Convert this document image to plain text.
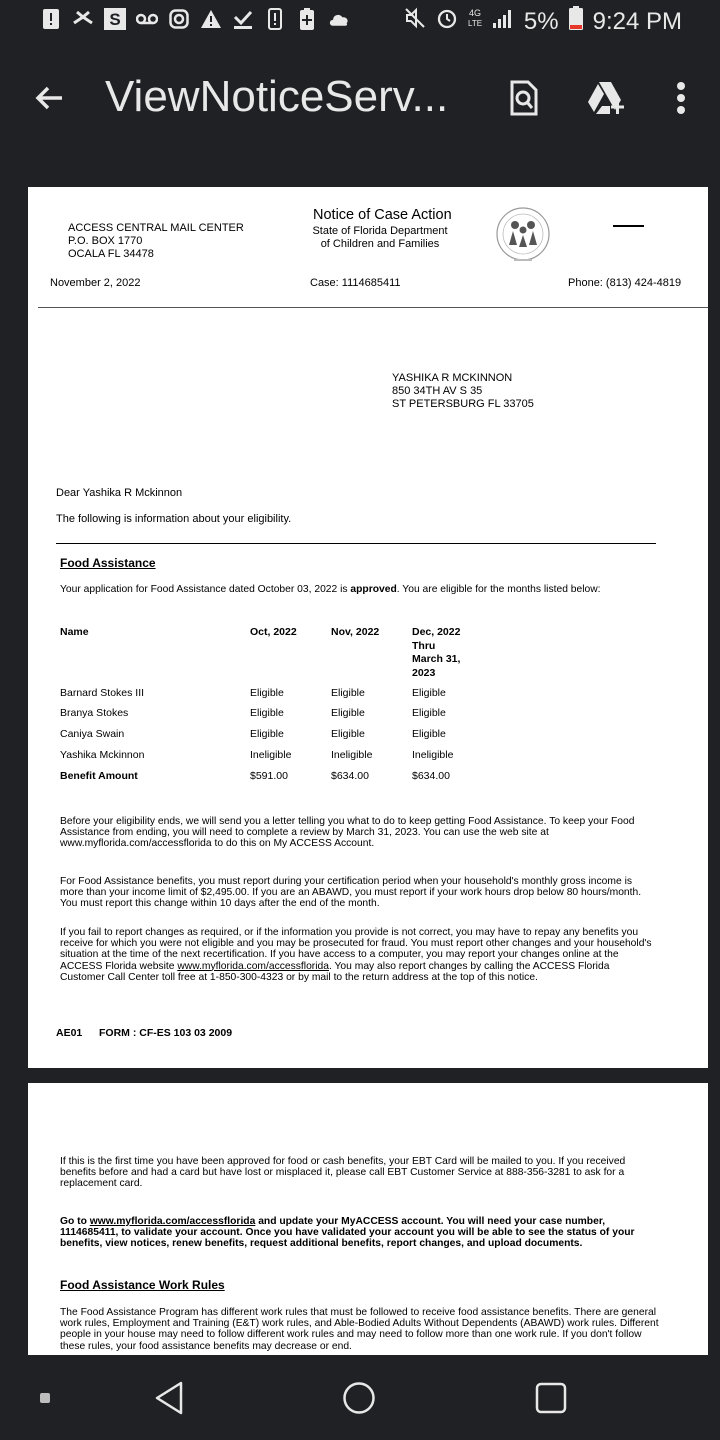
S	4G
LTE 5% 9:24 PM
ViewNoticeServ...
ACCESS CENTRAL MAIL CENTER
P.O. BOX 1770
OCALA FL 34478
Notice of Case Action
State of Florida Department
of Children and Families
November 2, 2022	Case: 1114685411	Phone: (813) 424-4819
YASHIKA R MCKINNON
850 34TH AV S 35
ST PETERSBURG FL 33705
Dear Yashika R Mckinnon
The following is information about your eligibility.
Food Assistance
Your application for Food Assistance dated October 03, 2022 is approved. You are eligible for the months listed below:
Name	Oct, 2022	Nov, 2022	Dec, 2022
Thru
March 31,
2023
Barnard Stokes III	Eligible	Eligible	Eligible
Branya Stokes	Eligible	Eligible	Eligible
Caniya Swain	Eligible	Eligible	Eligible
Yashika Mckinnon	Ineligible	Ineligible	Ineligible
Benefit Amount	$591.00	$634.00	$634.00
Before your eligibility ends, we will send you a letter telling you what to do to keep getting Food Assistance. To keep your Food Assistance from ending, you will need to complete a review by March 31, 2023. You can use the web site at www.myflorida.com/accessflorida to do this on My ACCESS Account.
For Food Assistance benefits, you must report during your certification period when your household's monthly gross income is more than your income limit of $2,495.00. If you are an ABAWD, you must report if your work hours drop below 80 hours/month. You must report this change within 10 days after the end of the month.
If you fail to report changes as required, or if the information you provide is not correct, you may have to repay any benefits you receive for which you were not eligible and you may be prosecuted for fraud. You must report other changes and your household's situation at the time of the next recertification. If you have access to a computer, you may report your changes online at the ACCESS Florida website www.myflorida.com/accessflorida. You may also report changes by calling the ACCESS Florida Customer Call Center toll free at 1-850-300-4323 or by mail to the return address at the top of this notice.
AE01 FORM : CF-ES 103 03 2009
If this is the first time you have been approved for food or cash benefits, your EBT Card will be mailed to you. If you received benefits before and had a card but have lost or misplaced it, please call EBT Customer Service at 888-356-3281 to ask for a replacement card.
Go to www.myflorida.com/accessflorida and update your MyACCESS account. You will need your case number, 1114685411, to validate your account. Once you have validated your account you will be able to see the status of your benefits, view notices, renew benefits, request additional benefits, report changes, and upload documents.
Food Assistance Work Rules
The Food Assistance Program has different work rules that must be followed to receive food assistance benefits. There are general work rules, Employment and Training (E&T) work rules, and Able-Bodied Adults Without Dependents (ABAWD) work rules. Different people in your house may need to follow different work rules and may need to follow more than one work rule. If you don't follow these rules, your food assistance benefits may decrease or end.
